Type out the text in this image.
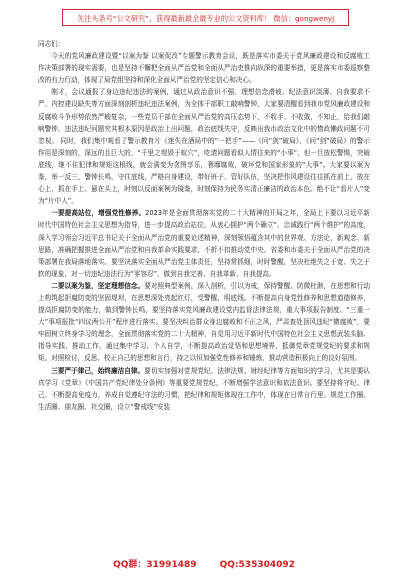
关注头条号“公文研究”，获得最新最全最专业的公文资料库！ 微信：gongwenyj

同志们：

今天的党风廉政建设暨“以案为鉴 以案促改”专题警示教育会议，既是落实市委关于党风廉政建设和反腐败工作决策部署的现实需要，也是坚持不懈把全面从严治党和全面从严治吏推向纵深的重要举措，更是落实市委巡察整改的有力行动，体现了局党组坚持和深化全面从严治党的坚定信心和决心。

刚才，会议通报了身边违纪违法的案例，通过从政治意识不强、理想信念滑坡、纪法意识淡薄、自我要求不严、内控建设缺失等方面深刻剖析违纪违法案例，为全体干部职工敲响警钟，大家要清醒看到我市党风廉政建设和反腐败斗争形势依然严峻复杂，一些党员干部在全面从严治党的高压态势下，不收手、不收敛，不知止，给我们敲响警钟，违法违纪问题究其根本原因是政治上出问题，政治底线失守，反映出我市政治文化中的惰政懒政问题不可忽视。 同时，我们集中观看了警示教育片《迷失在酒局中的“一把手”——《问“剑”破局》、《问“剑”破局》的警示作用是深刻的，深远的且巨大的，“千里之堤毁于蚁穴”，吃请问题看似人情往来的“小事”，但一旦放松警惕，突破底线，继不住犯律和规矩这根线，就会满变为贪图享乐，奢靡腐败，破坏党和国家形象的“大事”。大家要以案为鉴，举一反三，警钟长鸣，守住底线，严格自身建设，带好班子、管好队伍，坚决把作风建设往往抓在前上、放在心上、抓在手上、悬在头上，时刻以反面案例为镜鉴，时刻保持为民务实清正廉洁的政治本色。绝不让“看片人”变为“片中人”。

一要提高站位，增强党性修养。2023年是全面贯彻落实党的二十大精神的开局之年，全局上下要以习近平新时代中国特色社会主义思想为指导，进一步提高政治站位，从衷心拥护“两个确立”、忠诚践行“两个维护”的高度，深入学习领会习近平总书记关于全面从严治党的重要论述精神，深刻领悟蕴含其中的世界观、方法论，新观念、新思路，准确把握推进全面从严治党和自我革命实践要求，不折不扣推动党中央、省委和市委关于全面从严治党的决策部署在我局落地落实。要坚决落实全面从严治党主体责任，坚持常抓细，时时警醒，坚决杜绝失之于宽、失之于软的现象，对一切违纪违法行为“零容忍”，做到自我完善、自我革新、自我提高。

二要以案为鉴，坚定理想信念。要对照典型案例，深入剖析，引以为戒，保持警醒、防微杜渐，在思想和行动上构筑起拒腐防变的坚固堤坝，在思想深处亮起红灯，受警醒、明底线。不断提高自身党性修养和思想道德修养，提高拒腐防变的能力，做到警钟长鸣，要坚持落实党风廉政建设党内监督法律法规，重大事项报告制度、“三重一大”事项报批“四议两公开”程序进行落实。要坚决纠治群众身边腐败和不正之风，严肃查处顶风违纪“微腐败”，要牢固树立终身学习的理念，全面贯彻落实党的二十大精神，自觉用习近平新时代中国特色社会主义思想武装头脑、指导实践、推动工作，通过集中学习、个人自学，不断提高政治觉悟和思想境界，抵御党章党规党纪的要求和规矩。对照检讨，反思、校正自己的思想和言行，持之以恒加强党性修养和锤炼，推动营造积极向上的良好氛围。

三要严于律己，始终廉洁自律。要切实加强对党规党纪、法律法规、财经纪律等方面知识的学习，尤其是要认真学习《党章》《中国共产党纪律处分条例》等重要党规党纪，不断增强学法意识和依法意识。要坚持将守纪、律己、不断提高免疫力，养成自觉遵纪守法的习惯，把纪律和规矩体现在工作中，体现在日常言行里。规范工作圈、生活圈、朋友圈、社交圈，设立“警戒线”安装

QQ群：31991489	QQ:535304092
